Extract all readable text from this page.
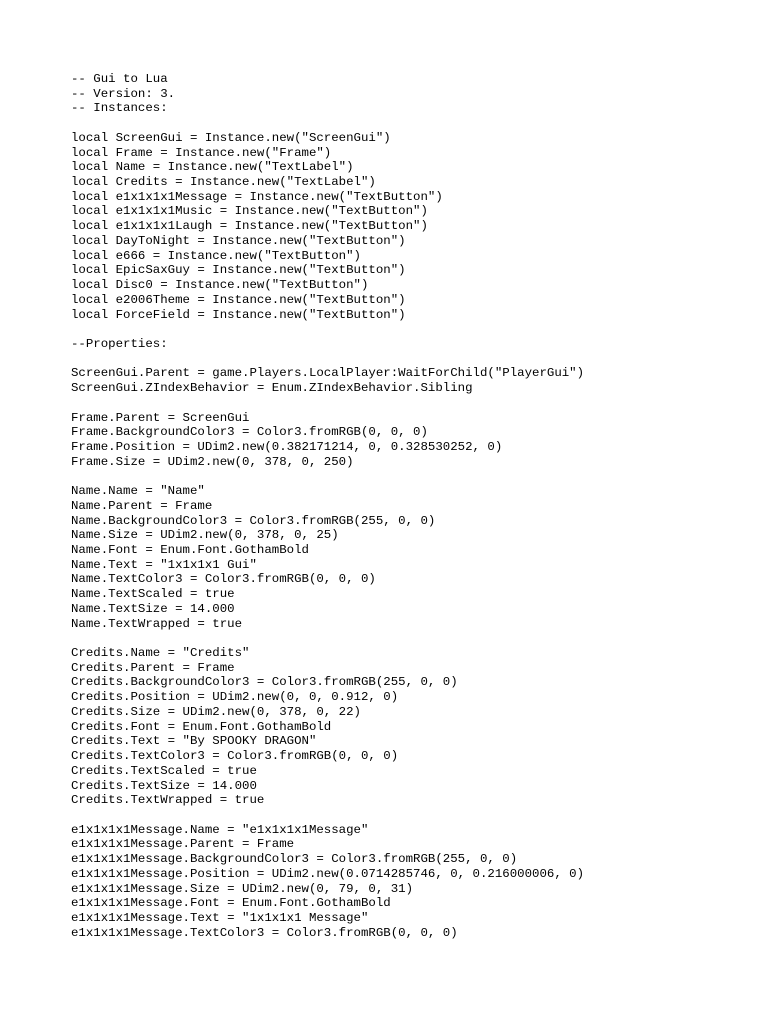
-- Gui to Lua
-- Version: 3.
-- Instances:

local ScreenGui = Instance.new("ScreenGui")
local Frame = Instance.new("Frame")
local Name = Instance.new("TextLabel")
local Credits = Instance.new("TextLabel")
local e1x1x1x1Message = Instance.new("TextButton")
local e1x1x1x1Music = Instance.new("TextButton")
local e1x1x1x1Laugh = Instance.new("TextButton")
local DayToNight = Instance.new("TextButton")
local e666 = Instance.new("TextButton")
local EpicSaxGuy = Instance.new("TextButton")
local Disc0 = Instance.new("TextButton")
local e2006Theme = Instance.new("TextButton")
local ForceField = Instance.new("TextButton")

--Properties:

ScreenGui.Parent = game.Players.LocalPlayer:WaitForChild("PlayerGui")
ScreenGui.ZIndexBehavior = Enum.ZIndexBehavior.Sibling

Frame.Parent = ScreenGui
Frame.BackgroundColor3 = Color3.fromRGB(0, 0, 0)
Frame.Position = UDim2.new(0.382171214, 0, 0.328530252, 0)
Frame.Size = UDim2.new(0, 378, 0, 250)

Name.Name = "Name"
Name.Parent = Frame
Name.BackgroundColor3 = Color3.fromRGB(255, 0, 0)
Name.Size = UDim2.new(0, 378, 0, 25)
Name.Font = Enum.Font.GothamBold
Name.Text = "1x1x1x1 Gui"
Name.TextColor3 = Color3.fromRGB(0, 0, 0)
Name.TextScaled = true
Name.TextSize = 14.000
Name.TextWrapped = true

Credits.Name = "Credits"
Credits.Parent = Frame
Credits.BackgroundColor3 = Color3.fromRGB(255, 0, 0)
Credits.Position = UDim2.new(0, 0, 0.912, 0)
Credits.Size = UDim2.new(0, 378, 0, 22)
Credits.Font = Enum.Font.GothamBold
Credits.Text = "By SPOOKY DRAGON"
Credits.TextColor3 = Color3.fromRGB(0, 0, 0)
Credits.TextScaled = true
Credits.TextSize = 14.000
Credits.TextWrapped = true

e1x1x1x1Message.Name = "e1x1x1x1Message"
e1x1x1x1Message.Parent = Frame
e1x1x1x1Message.BackgroundColor3 = Color3.fromRGB(255, 0, 0)
e1x1x1x1Message.Position = UDim2.new(0.0714285746, 0, 0.216000006, 0)
e1x1x1x1Message.Size = UDim2.new(0, 79, 0, 31)
e1x1x1x1Message.Font = Enum.Font.GothamBold
e1x1x1x1Message.Text = "1x1x1x1 Message"
e1x1x1x1Message.TextColor3 = Color3.fromRGB(0, 0, 0)
